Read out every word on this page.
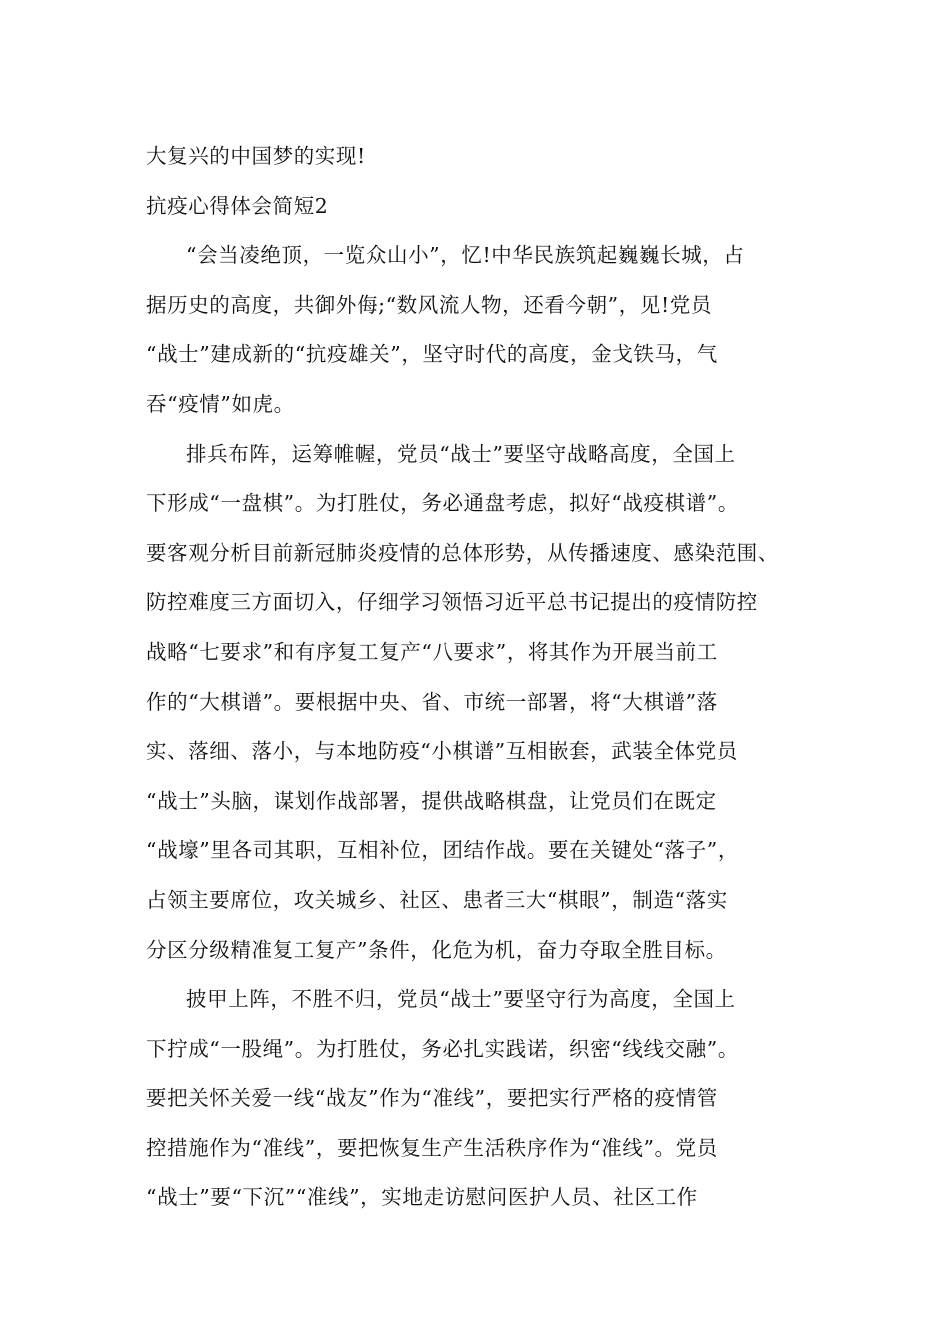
大复兴的中国梦的实现!
抗疫心得体会简短2
“会当凌绝顶，一览众山小”，忆!中华民族筑起巍巍长城，占
据历史的高度，共御外侮;“数风流人物，还看今朝”，见!党员
“战士”建成新的“抗疫雄关”，坚守时代的高度，金戈铁马，气
吞“疫情”如虎。
排兵布阵，运筹帷幄，党员“战士”要坚守战略高度，全国上
下形成“一盘棋”。为打胜仗，务必通盘考虑，拟好“战疫棋谱”。
要客观分析目前新冠肺炎疫情的总体形势，从传播速度、感染范围、
防控难度三方面切入，仔细学习领悟习近平总书记提出的疫情防控
战略“七要求”和有序复工复产“八要求”，将其作为开展当前工
作的“大棋谱”。要根据中央、省、市统一部署，将“大棋谱”落
实、落细、落小，与本地防疫“小棋谱”互相嵌套，武装全体党员
“战士”头脑，谋划作战部署，提供战略棋盘，让党员们在既定
“战壕”里各司其职，互相补位，团结作战。要在关键处“落子”，
占领主要席位，攻关城乡、社区、患者三大“棋眼”，制造“落实
分区分级精准复工复产”条件，化危为机，奋力夺取全胜目标。
披甲上阵，不胜不归，党员“战士”要坚守行为高度，全国上
下拧成“一股绳”。为打胜仗，务必扎实践诺，织密“线线交融”。
要把关怀关爱一线“战友”作为“准线”，要把实行严格的疫情管
控措施作为“准线”，要把恢复生产生活秩序作为“准线”。党员
“战士”要“下沉”“准线”，实地走访慰问医护人员、社区工作
